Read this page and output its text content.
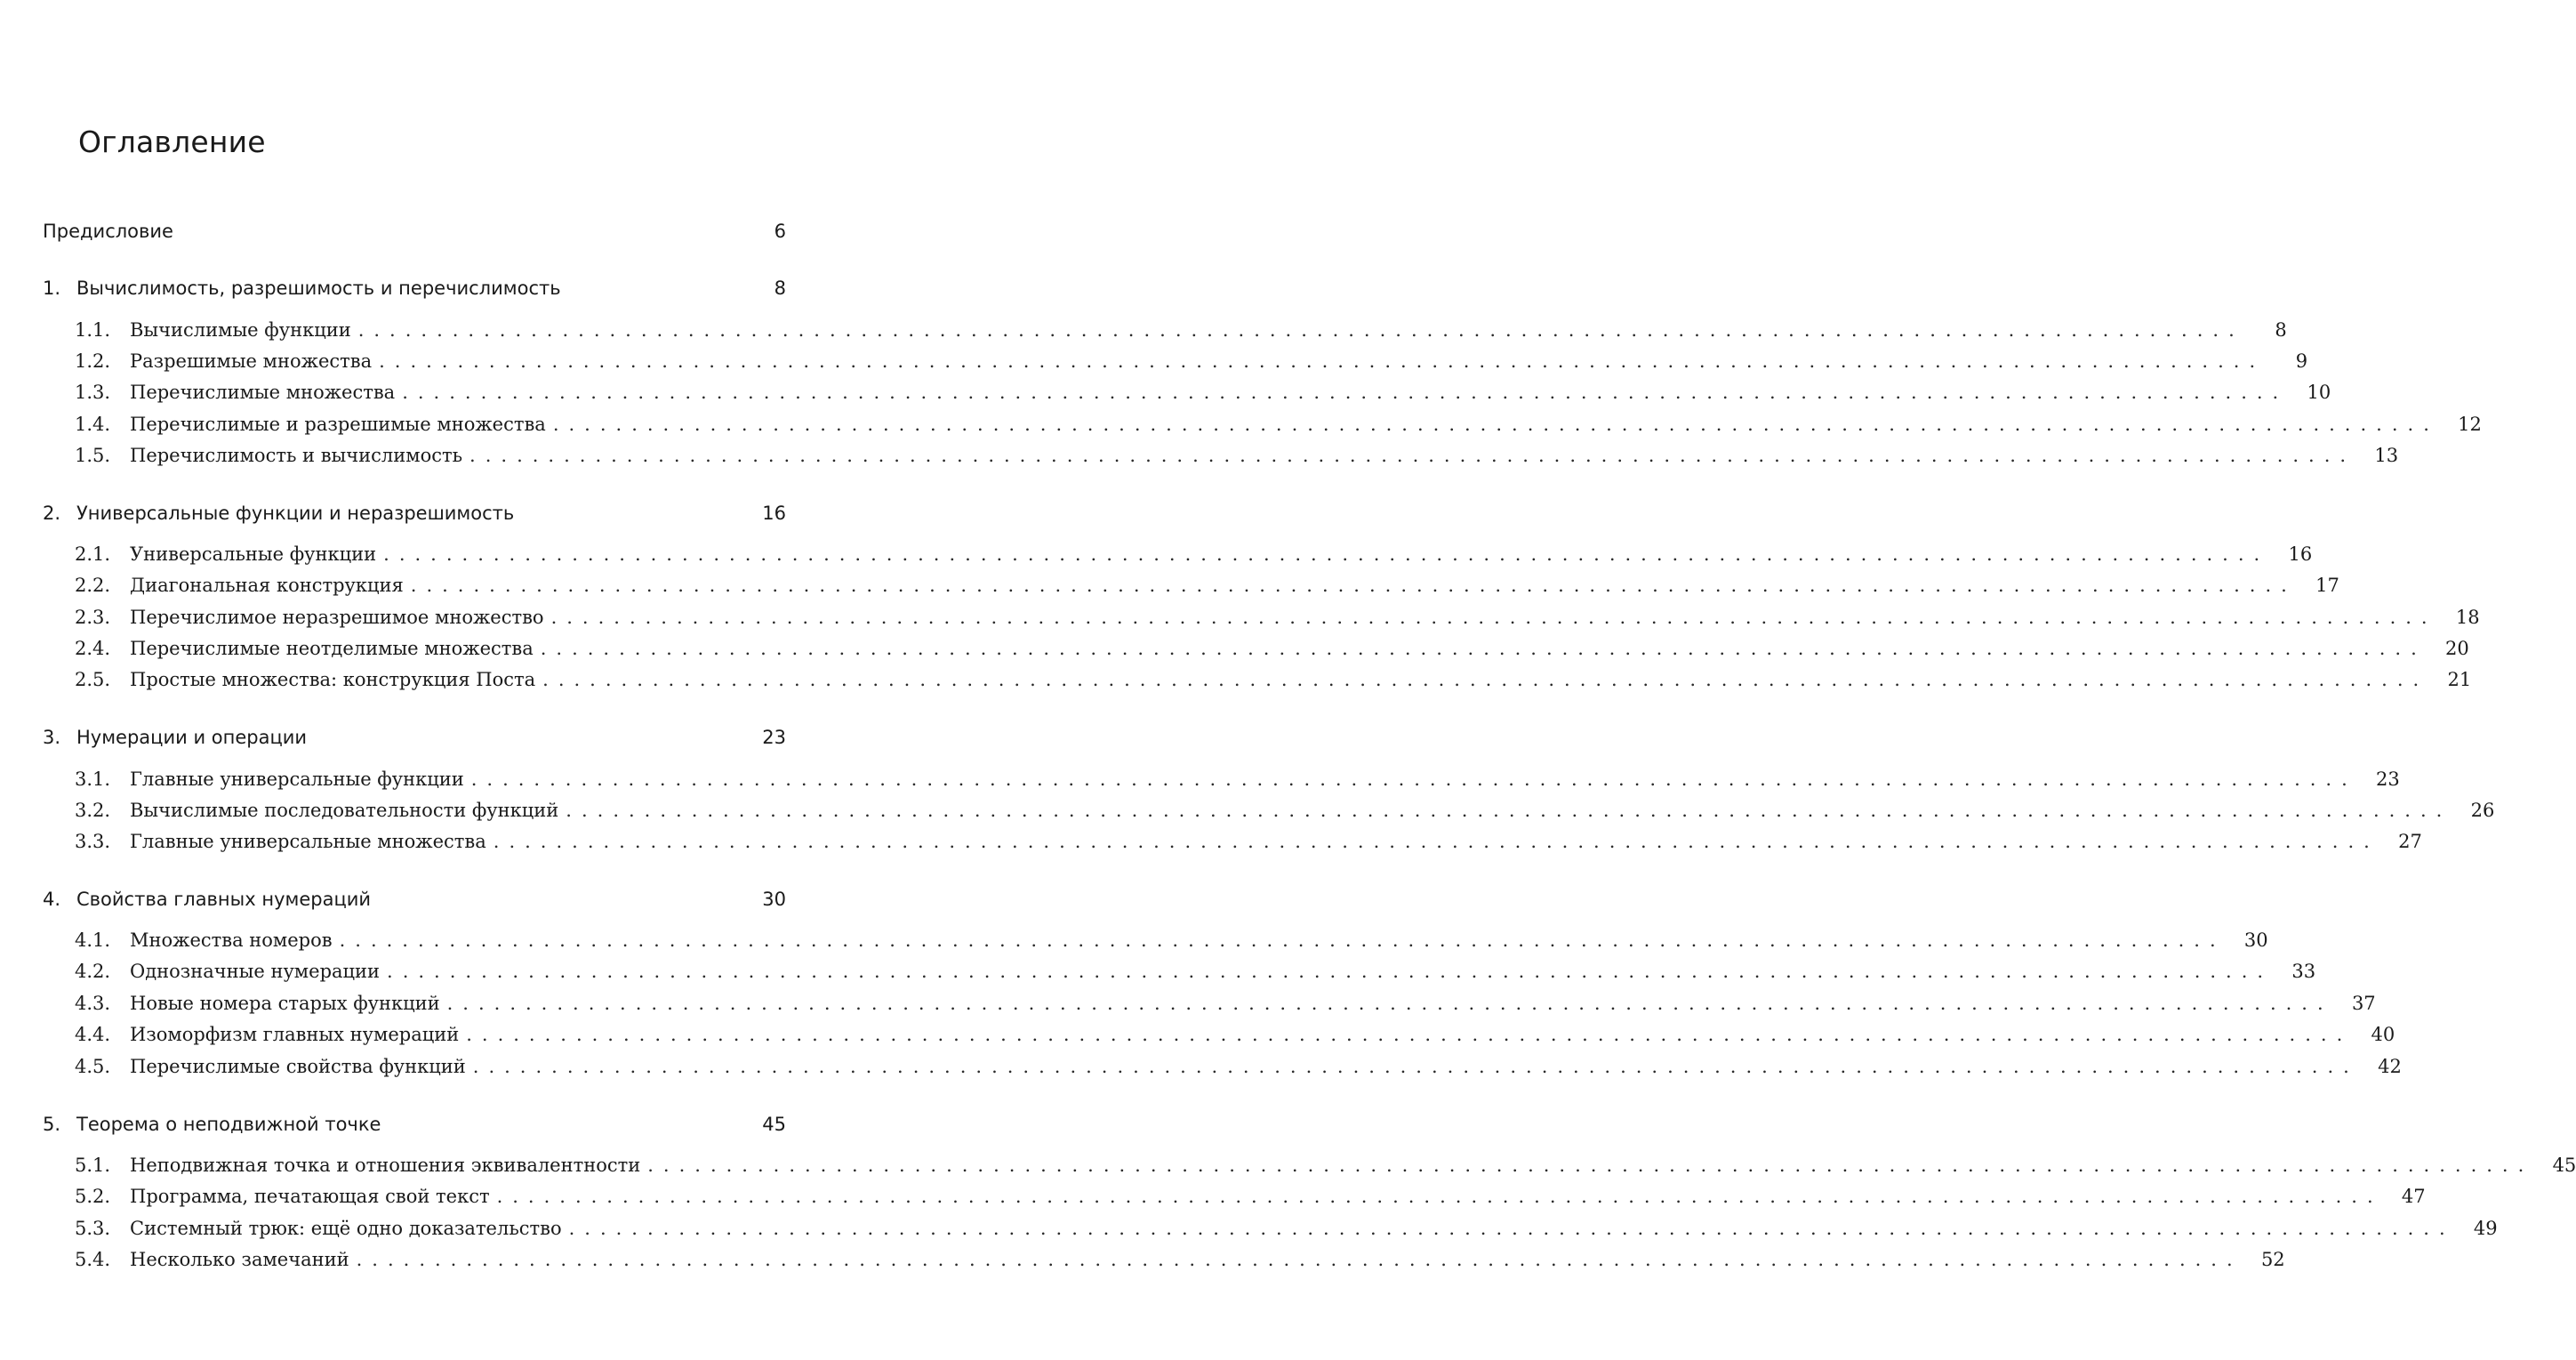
Оглавление
Предисловие	6
1. Вычислимость, разрешимость и перечислимость	8
1.1.	Вычислимые функции ........................................................................................................................	8
1.2.	Разрешимые множества ........................................................................................................................	9
1.3.	Перечислимые множества ........................................................................................................................	10
1.4.	Перечислимые и разрешимые множества ........................................................................................................................	12
1.5.	Перечислимость и вычислимость ........................................................................................................................	13
2. Универсальные функции и неразрешимость	16
2.1.	Универсальные функции ........................................................................................................................	16
2.2.	Диагональная конструкция ........................................................................................................................	17
2.3.	Перечислимое неразрешимое множество ........................................................................................................................	18
2.4.	Перечислимые неотделимые множества ........................................................................................................................	20
2.5.	Простые множества: конструкция Поста ........................................................................................................................	21
3. Нумерации и операции	23
3.1.	Главные универсальные функции ........................................................................................................................	23
3.2.	Вычислимые последовательности функций ........................................................................................................................	26
3.3.	Главные универсальные множества ........................................................................................................................	27
4. Свойства главных нумераций	30
4.1.	Множества номеров ........................................................................................................................	30
4.2.	Однозначные нумерации ........................................................................................................................	33
4.3.	Новые номера старых функций ........................................................................................................................	37
4.4.	Изоморфизм главных нумераций ........................................................................................................................	40
4.5.	Перечислимые свойства функций ........................................................................................................................	42
5. Теорема о неподвижной точке	45
5.1.	Неподвижная точка и отношения эквивалентности ........................................................................................................................	45
5.2.	Программа, печатающая свой текст ........................................................................................................................	47
5.3.	Системный трюк: ещё одно доказательство ........................................................................................................................	49
5.4.	Несколько замечаний ........................................................................................................................	52
